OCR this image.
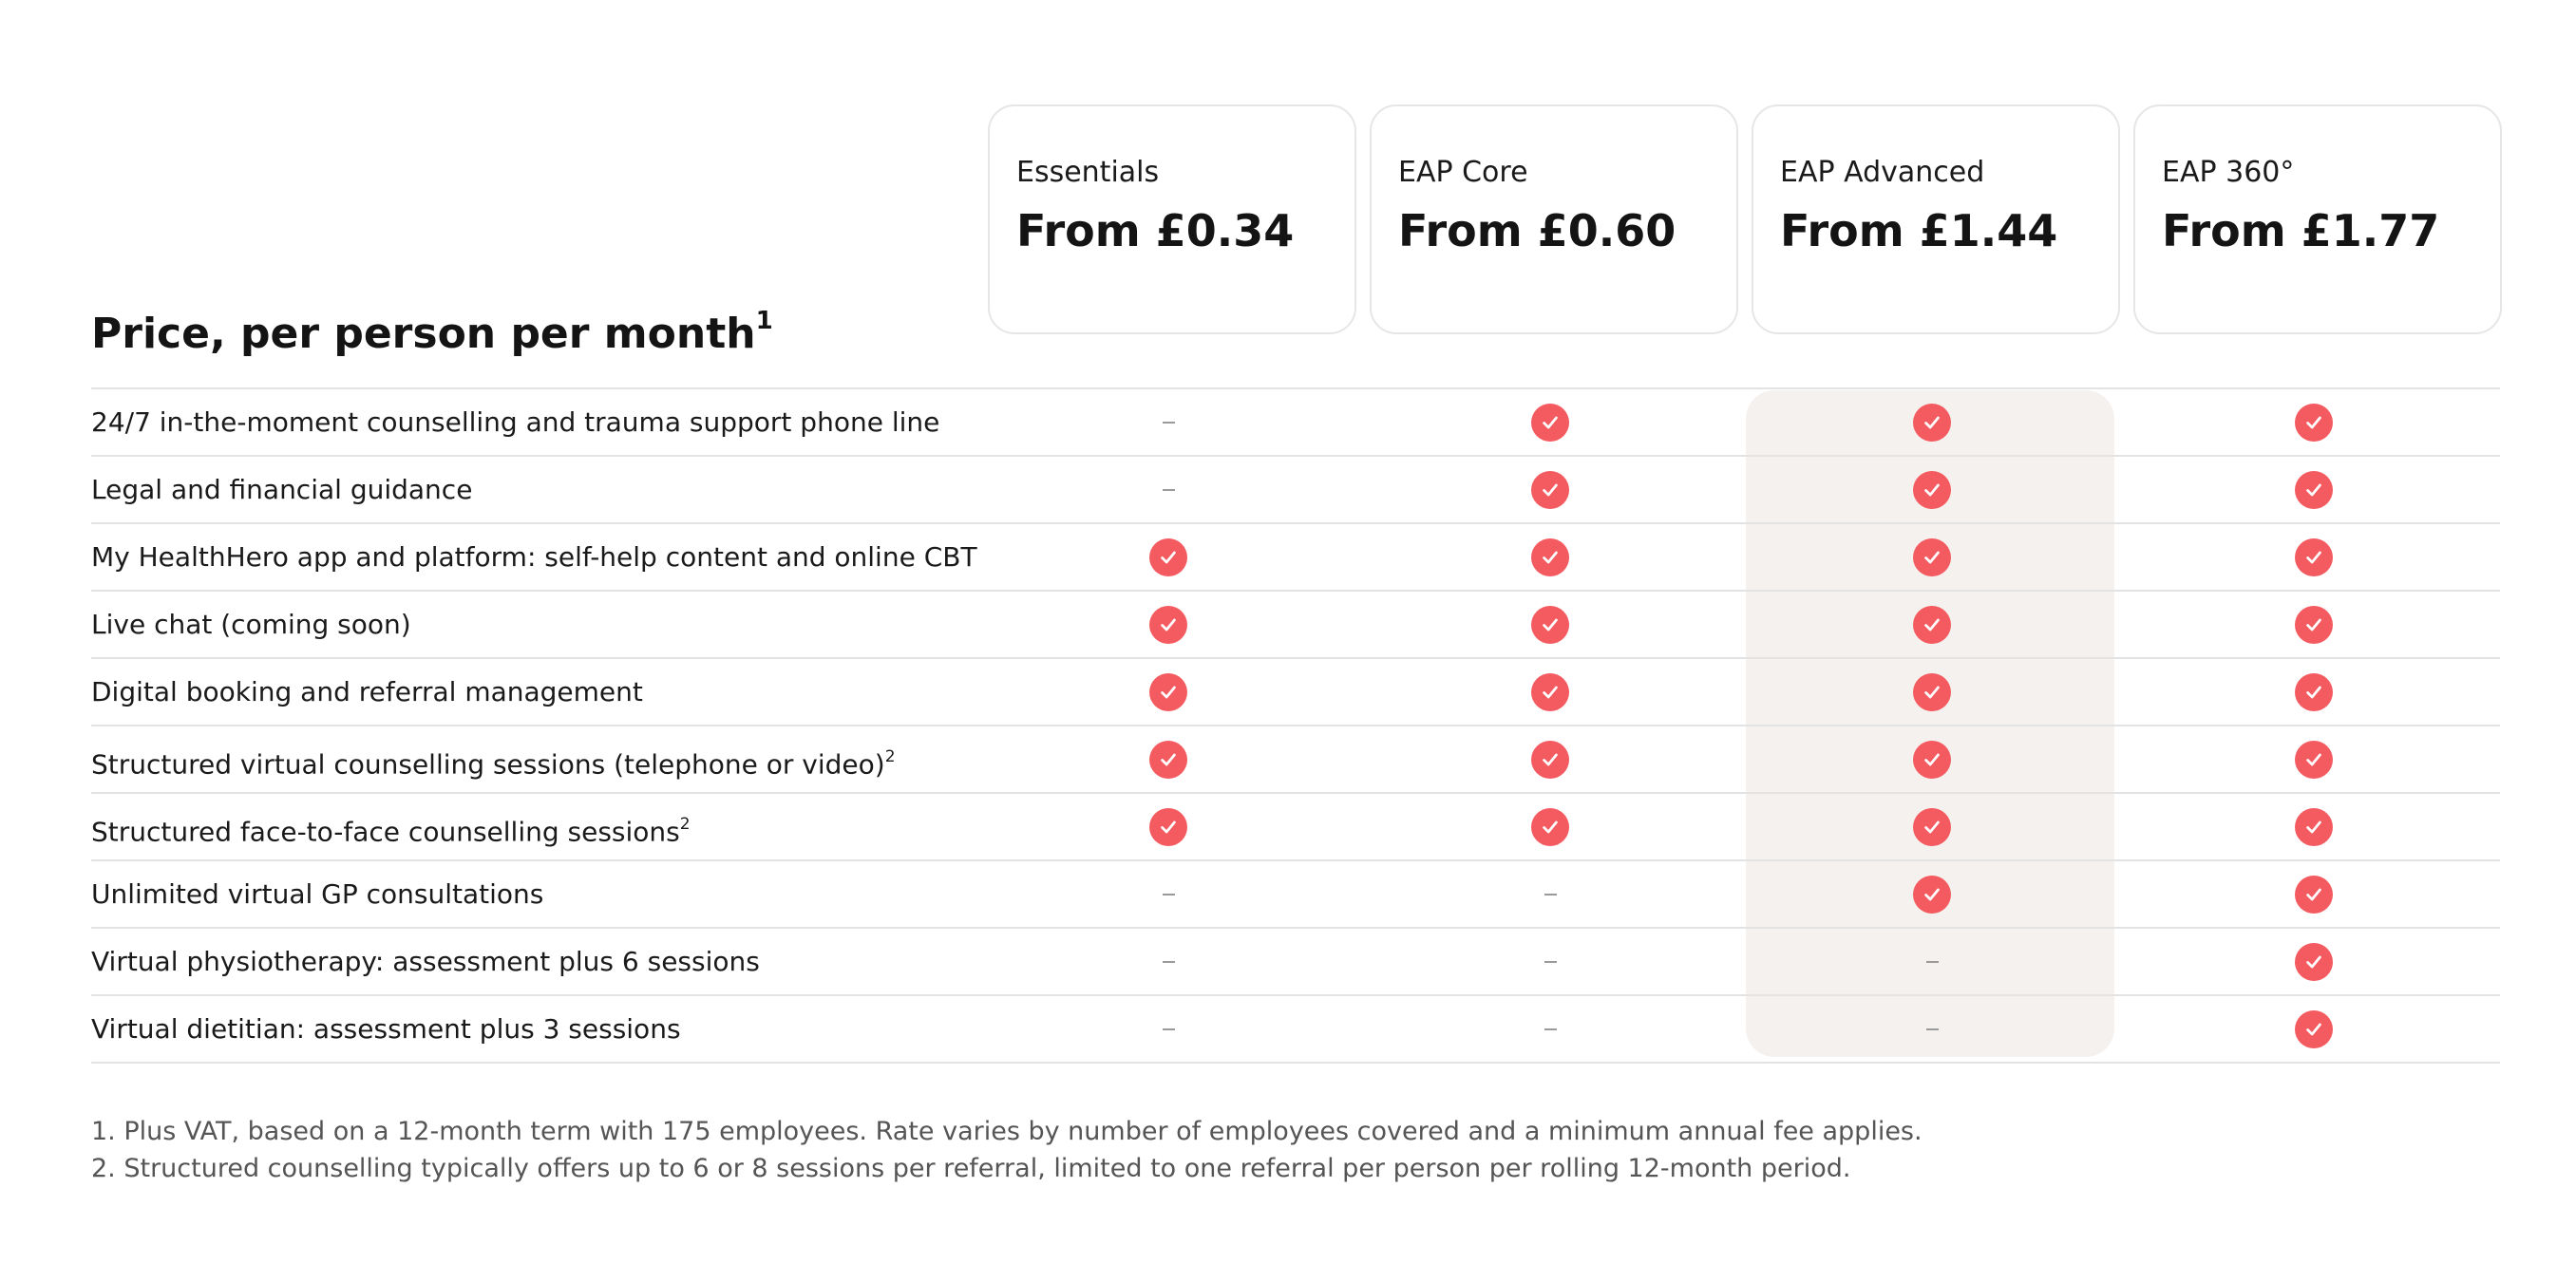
Essentials
From £0.34
EAP Core
From £0.60
EAP Advanced
From £1.44
EAP 360°
From £1.77
Price, per person per month$^1$
24/7 in-the-moment counselling and trauma support phone line
Legal and financial guidance
My HealthHero app and platform: self-help content and online CBT
Live chat (coming soon)
Digital booking and referral management
Structured virtual counselling sessions (telephone or video)$^2$
Structured face-to-face counselling sessions$^2$
Unlimited virtual GP consultations
Virtual physiotherapy: assessment plus 6 sessions
Virtual dietitian: assessment plus 3 sessions
1. Plus VAT, based on a 12-month term with 175 employees. Rate varies by number of employees covered and a minimum annual fee applies.
2. Structured counselling typically offers up to 6 or 8 sessions per referral, limited to one referral per person per rolling 12-month period.
